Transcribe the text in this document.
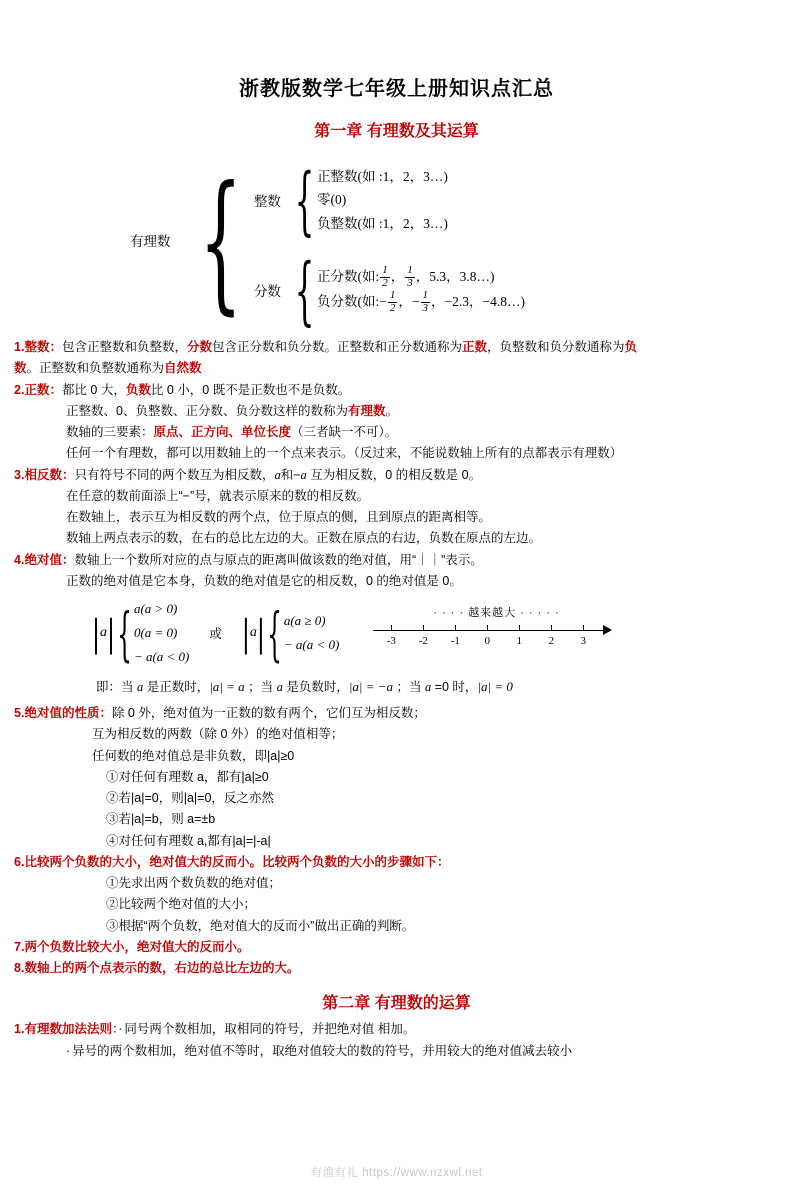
浙教版数学七年级上册知识点汇总
第一章 有理数及其运算
有理数 { 整数 { 正整数(如 :1，2，3…)
零(0)
负整数(如 :1，2，3…)
分数 { 正分数(如: $\frac{1}{2}$ ， $\frac{1}{3}$ ，5.3，3.8…)
负分数(如:− $\frac{1}{2}$ ，− $\frac{1}{3}$ ，−2.3，−4.8…)
1.整数：包含正整数和负整数，分数包含正分数和负分数。正整数和正分数通称为正数，负整数和负分数通称为负
数。正整数和负整数通称为自然数
2.正数：都比 0 大，负数比 0 小，0 既不是正数也不是负数。
正整数、0、负整数、正分数、负分数这样的数称为有理数。
数轴的三要素：原点、正方向、单位长度（三者缺一不可）。
任何一个有理数，都可以用数轴上的一个点来表示。（反过来，不能说数轴上所有的点都表示有理数）
3.相反数：只有符号不同的两个数互为相反数，a和−a 互为相反数，0 的相反数是 0。
在任意的数前面添上“−”号，就表示原来的数的相反数。
在数轴上，表示互为相反数的两个点，位于原点的侧，且到原点的距离相等。
数轴上两点表示的数，在右的总比左边的大。正数在原点的右边，负数在原点的左边。
4.绝对值：数轴上一个数所对应的点与原点的距离叫做该数的绝对值，用“｜｜”表示。
正数的绝对值是它本身，负数的绝对值是它的相反数，0 的绝对值是 0。
| a | { a(a > 0)
0(a = 0)
− a(a < 0)
或 | a | { a(a ≥ 0)
− a(a < 0)
· · · · 越来越大 · · · · ·
-3 -2 -1 0 1 2 3
即：当 a 是正数时，|a| = a ；当 a 是负数时，|a| = −a ；当 a =0 时，|a| = 0
5.绝对值的性质：除 0 外，绝对值为一正数的数有两个，它们互为相反数；
互为相反数的两数（除 0 外）的绝对值相等；
任何数的绝对值总是非负数，即|a|≥0
①对任何有理数 a，都有|a|≥0
②若|a|=0，则|a|=0，反之亦然
③若|a|=b，则 a=±b
④对任何有理数 a,都有|a|=|-a|
6.比较两个负数的大小，绝对值大的反而小。比较两个负数的大小的步骤如下：
①先求出两个数负数的绝对值；
②比较两个绝对值的大小；
③根据“两个负数，绝对值大的反而小”做出正确的判断。
7.两个负数比较大小，绝对值大的反而小。
8.数轴上的两个点表示的数，右边的总比左边的大。
第二章 有理数的运算
1.有理数加法法则：· 同号两个数相加，取相同的符号，并把绝对值 相加。
· 异号的两个数相加，绝对值不等时，取绝对值较大的数的符号，并用较大的绝对值减去较小
有渔有礼 https://www.nzxwl.net
